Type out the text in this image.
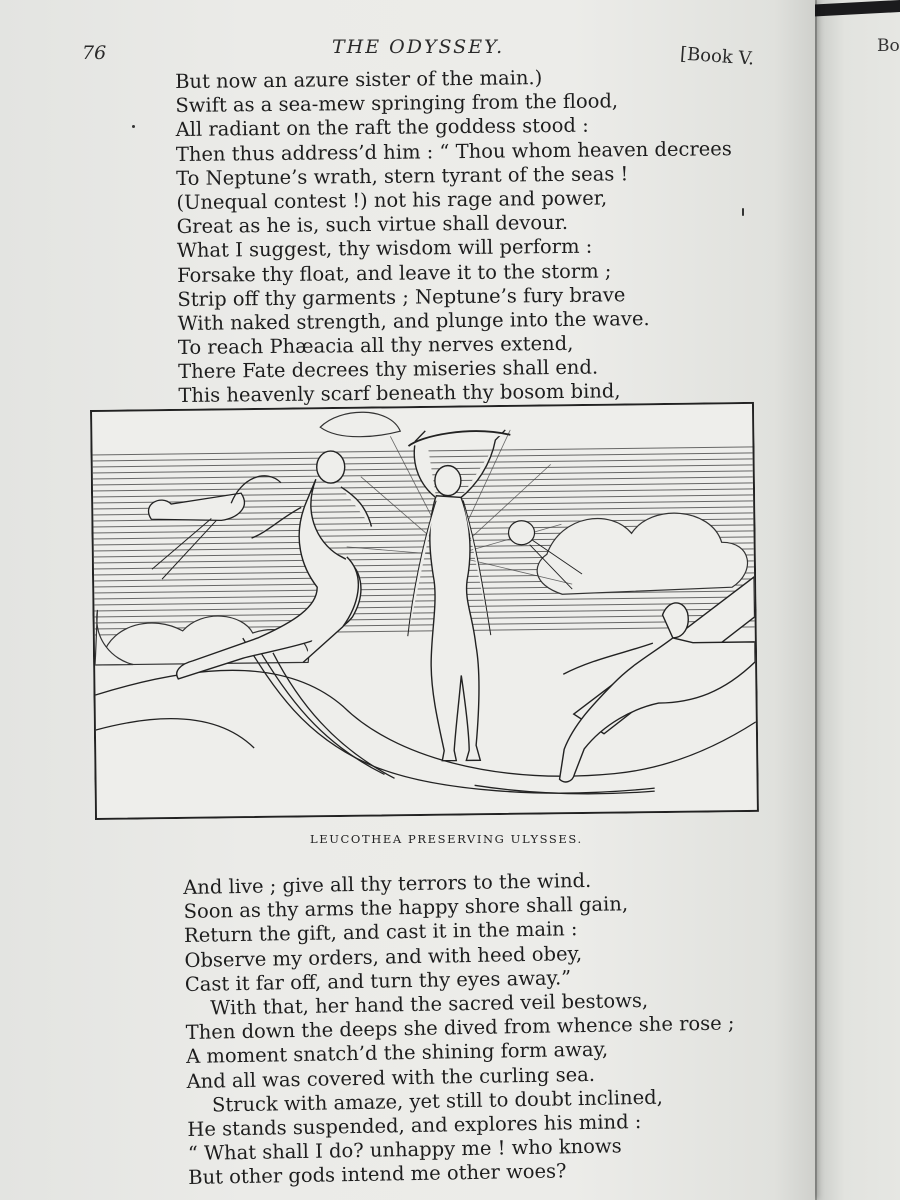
Bo
76	THE ODYSSEY.	[Book V.
But now an azure sister of the main.)
Swift as a sea-mew springing from the flood,
All radiant on the raft the goddess stood :
Then thus address’d him : “ Thou whom heaven decrees
To Neptune’s wrath, stern tyrant of the seas !
(Unequal contest !) not his rage and power,
Great as he is, such virtue shall devour.
What I suggest, thy wisdom will perform :
Forsake thy float, and leave it to the storm ;
Strip off thy garments ; Neptune’s fury brave
With naked strength, and plunge into the wave.
To reach Phæacia all thy nerves extend,
There Fate decrees thy miseries shall end.
This heavenly scarf beneath thy bosom bind,
LEUCOTHEA PRESERVING ULYSSES.
And live ; give all thy terrors to the wind.
Soon as thy arms the happy shore shall gain,
Return the gift, and cast it in the main :
Observe my orders, and with heed obey,
Cast it far off, and turn thy eyes away.”
With that, her hand the sacred veil bestows,
Then down the deeps she dived from whence she rose ;
A moment snatch’d the shining form away,
And all was covered with the curling sea.
Struck with amaze, yet still to doubt inclined,
He stands suspended, and explores his mind :
“ What shall I do? unhappy me ! who knows
But other gods intend me other woes?
